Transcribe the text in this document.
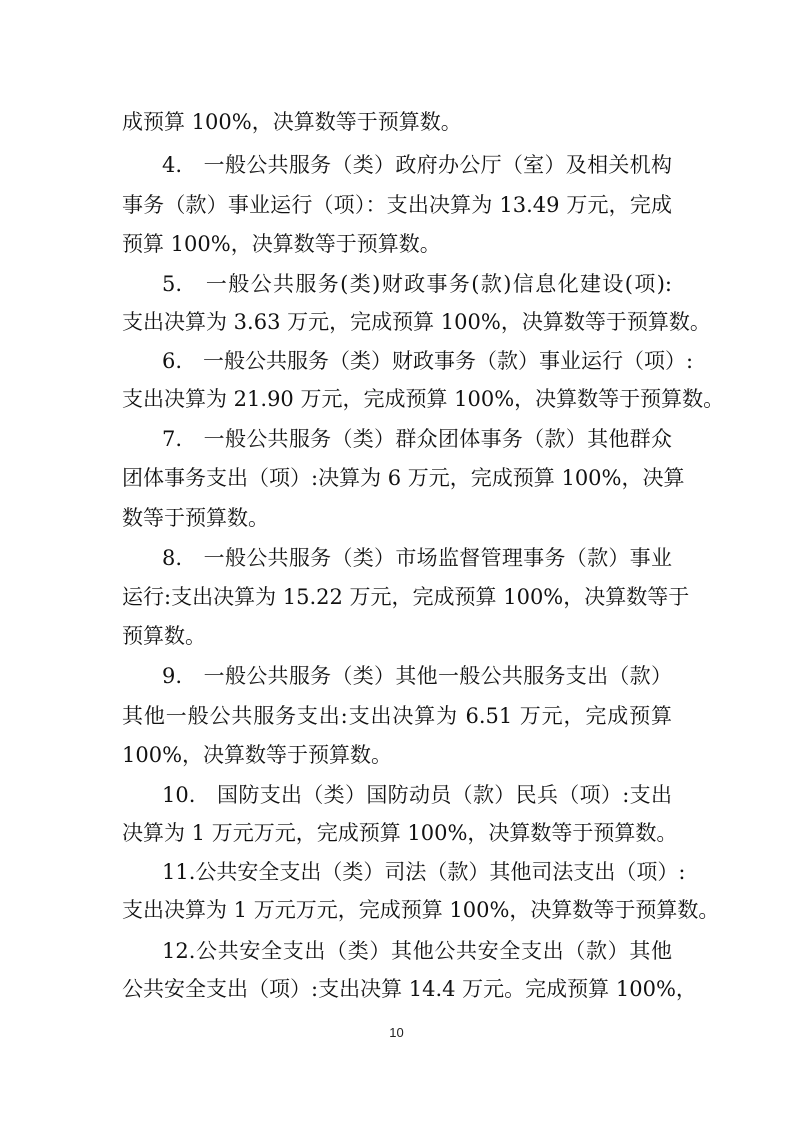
成预算 100%，决算数等于预算数。
4.　一般公共服务（类）政府办公厅（室）及相关机构
事务（款）事业运行（项）：支出决算为 13.49 万元，完成
预算 100%，决算数等于预算数。
5.　一般公共服务(类)财政事务(款)信息化建设(项):
支出决算为 3.63 万元，完成预算 100%，决算数等于预算数。
6.　一般公共服务（类）财政事务（款）事业运行（项）:
支出决算为 21.90 万元，完成预算 100%，决算数等于预算数。
7.　一般公共服务（类）群众团体事务（款）其他群众
团体事务支出（项）:决算为 6 万元，完成预算 100%，决算
数等于预算数。
8.　一般公共服务（类）市场监督管理事务（款）事业
运行:支出决算为 15.22 万元，完成预算 100%，决算数等于
预算数。
9.　一般公共服务（类）其他一般公共服务支出（款）
其他一般公共服务支出:支出决算为 6.51 万元，完成预算
100%，决算数等于预算数。
10.　国防支出（类）国防动员（款）民兵（项）:支出
决算为 1 万元万元，完成预算 100%，决算数等于预算数。
11.公共安全支出（类）司法（款）其他司法支出（项）:
支出决算为 1 万元万元，完成预算 100%，决算数等于预算数。
12.公共安全支出（类）其他公共安全支出（款）其他
公共安全支出（项）:支出决算 14.4 万元。完成预算 100%，
10
